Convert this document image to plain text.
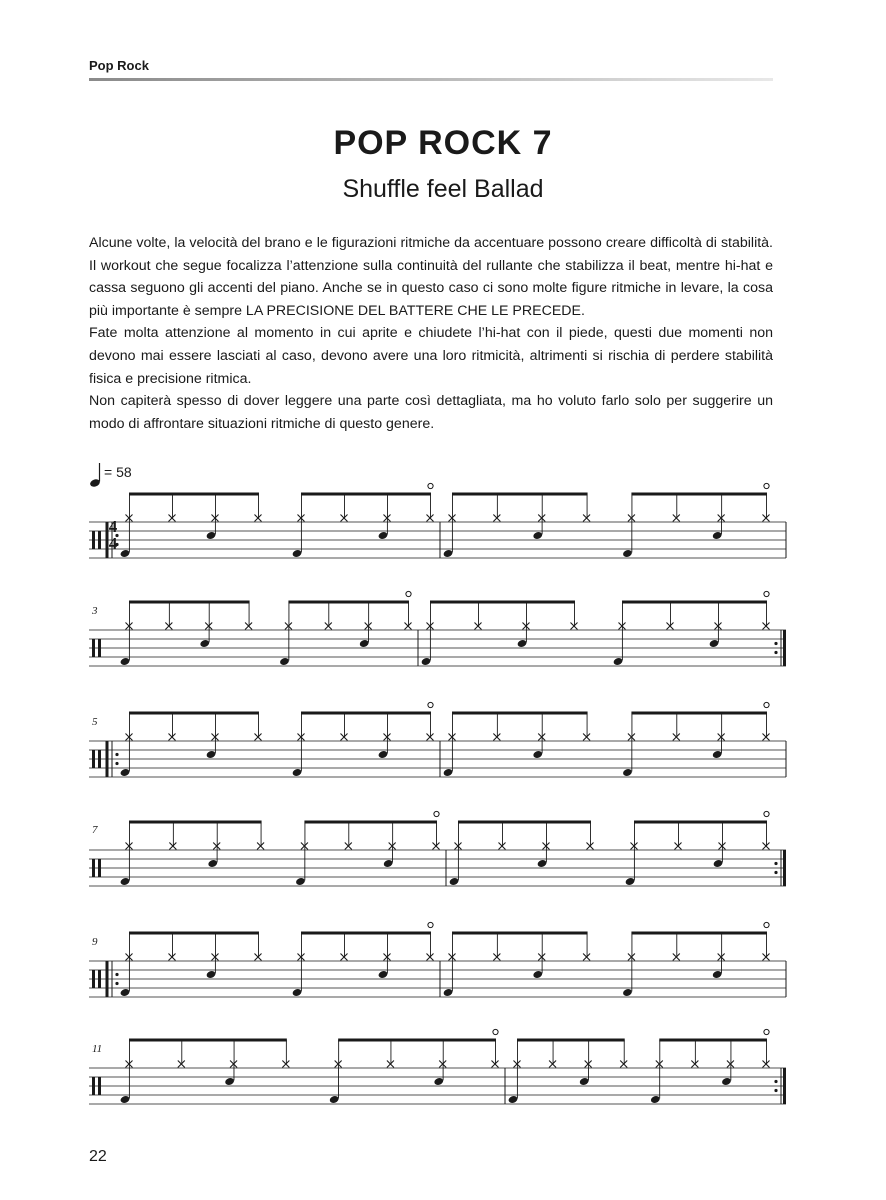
Pop Rock
POP ROCK 7
Shuffle feel Ballad

Alcune volte, la velocità del brano e le figurazioni ritmiche da accentuare possono creare difficoltà di stabilità. Il workout che segue focalizza l’attenzione sulla continuità del rullante che stabilizza il beat, mentre hi-hat e cassa seguono gli accenti del piano. Anche se in questo caso ci sono molte figure ritmiche in levare, la cosa più importante è sempre LA PRECISIONE DEL BATTERE CHE LE PRECEDE.

Fate molta attenzione al momento in cui aprite e chiudete l’hi-hat con il piede, questi due momenti non devono mai essere lasciati al caso, devono avere una loro ritmicità, altrimenti si rischia di perdere stabilità fisica e precisione ritmica.

Non capiterà spesso di dover leggere una parte così dettagliata, ma ho voluto farlo solo per suggerire un modo di affrontare situazioni ritmiche di questo genere.

= 58
4
4
3
5
7
9
11
22
